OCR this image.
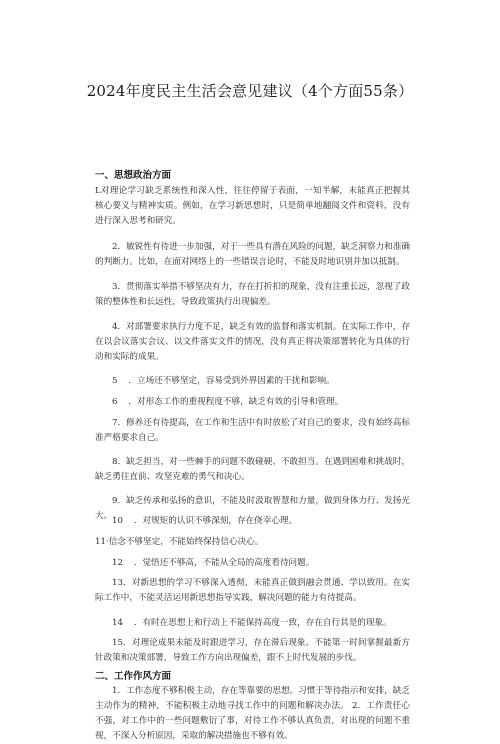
2024年度民主生活会意见建议（4个方面55条）
一、思想政治方面

L对理论学习缺乏系统性和深入性，往往停留于表面，一知半解，未能真正把握其核心要义与精神实质。例如，在学习新思想时，只是简单地翻阅文件和资料，没有进行深入思考和研究。

2．敏锐性有待进一步加强，对于一些具有潜在风险的问题，缺乏洞察力和准确的判断力。比如，在面对网络上的一些错误言论时，不能及时地识别并加以抵制。

3．贯彻落实举措不够坚决有力，存在打折扣的现象，没有注重长远，忽视了政策的整体性和长远性，导致政策执行出现偏差。

4．对部署要求执行力度不足，缺乏有效的监督和落实机制。在实际工作中，存在以会议落实会议、以文件落实文件的情况，没有真正将决策部署转化为具体的行动和实际的成果。

5    ．立场还不够坚定，容易受到外界因素的干扰和影响。

6    ．对形态工作的重视程度不够，缺乏有效的引导和管理。

7．修养还有待提高，在工作和生活中有时放松了对自己的要求，没有始终高标准严格要求自己。

8．缺乏担当，对一些棘手的问题不敢碰硬、不敢担当。在遇到困难和挑战时，缺乏勇往直前、攻坚克难的勇气和决心。

9．缺乏传承和弘扬的意识，不能及时汲取智慧和力量，做到身体力行、发扬光大。 10    ．对规矩的认识不够深刻，存在侥幸心理。

11·信念不够坚定，不能始终保持信心决心。

12    ．觉悟还不够高，不能从全局的高度看待问题。

13．对新思想的学习不够深入透彻，未能真正做到融会贯通、学以致用。在实际工作中，不能灵活运用新思想指导实践，解决问题的能力有待提高。

14    ．有时在思想上和行动上不能保持高度一致，存在自行其是的现象。

15．对理论成果未能及时跟进学习，存在滞后现象。不能第一时间掌握最新方针政策和决策部署，导致工作方向出现偏差，跟不上时代发展的步伐。

二、工作作风方面

1．工作态度不够积极主动，存在等靠要的思想。习惯于等待指示和安排，缺乏主动作为的精神，不能积极主动地寻找工作中的问题和解决办法。 2．工作责任心不强，对工作中的一些问题敷衍了事，对待工作不够认真负责，对出现的问题不重视，不深入分析原因，采取的解决措施也不够有效。
